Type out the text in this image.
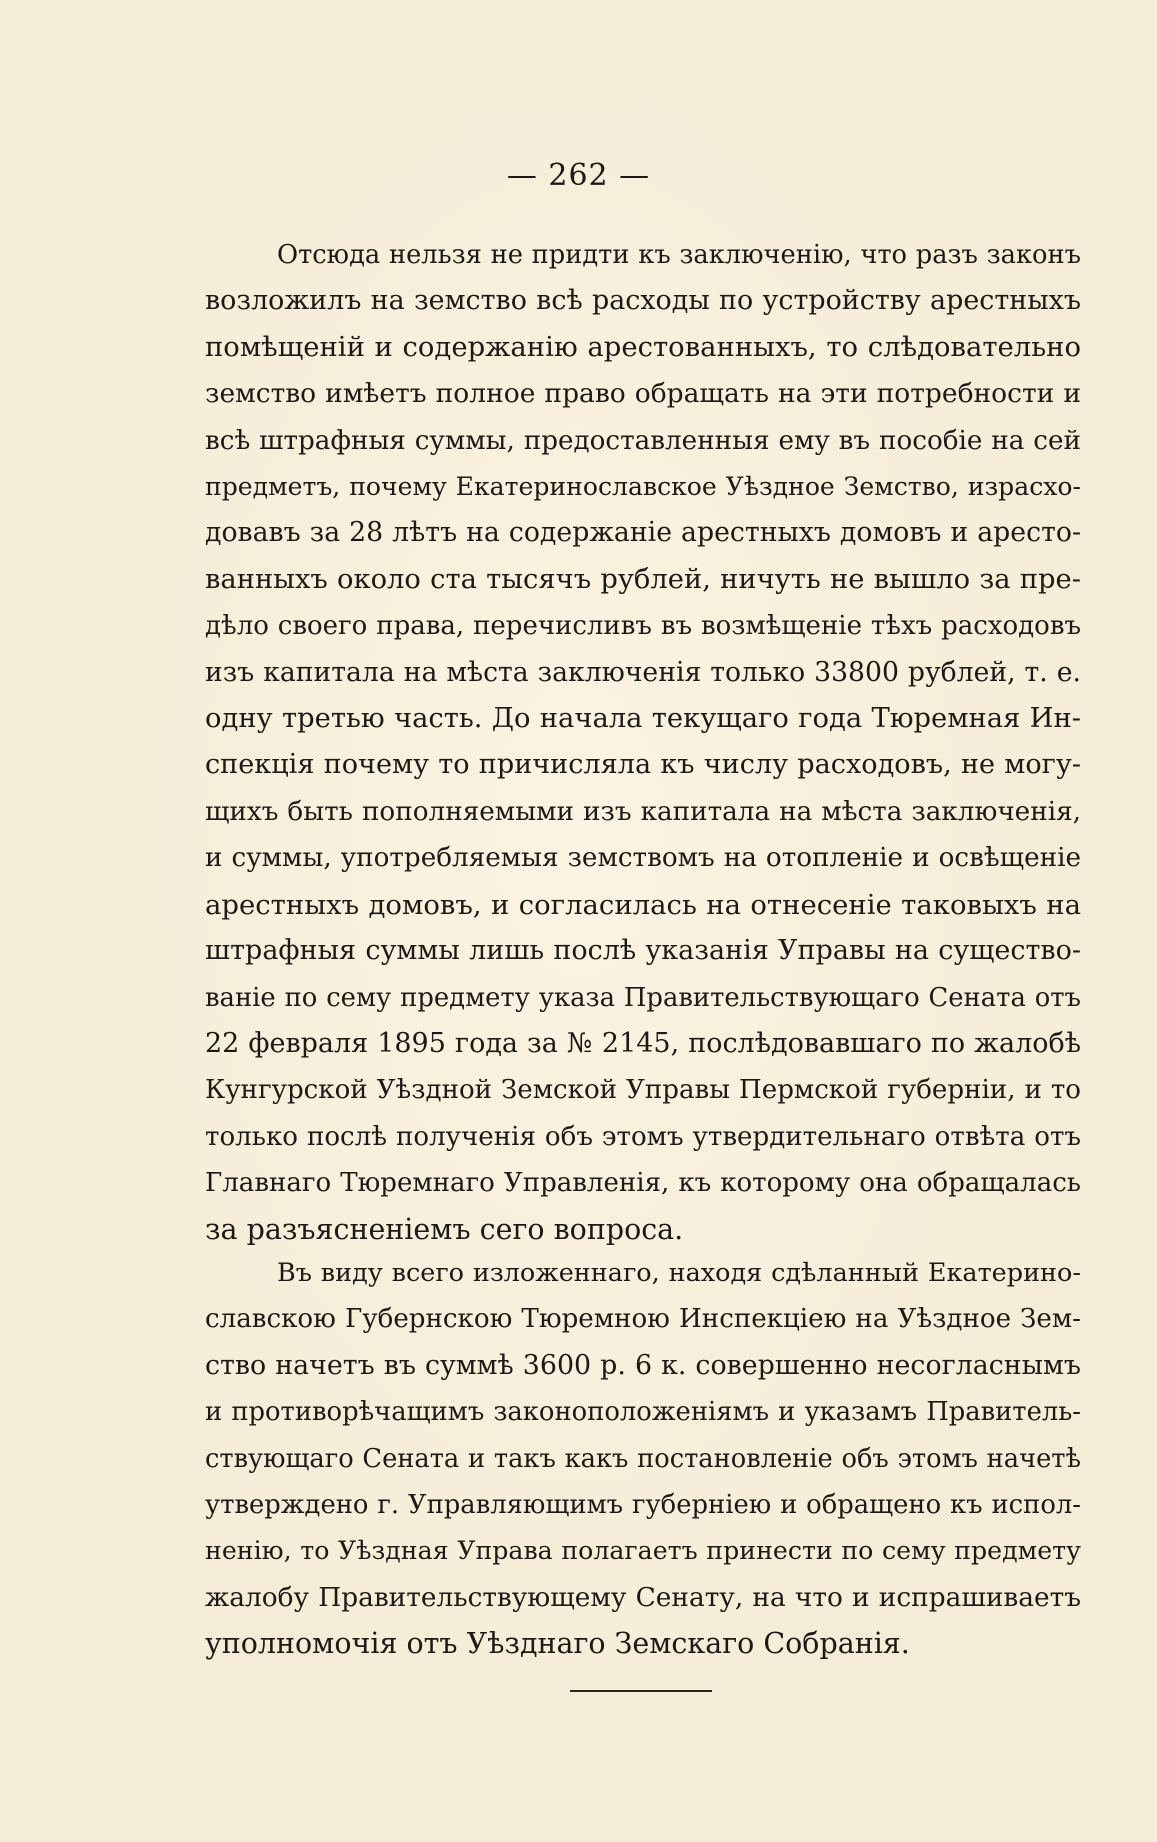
— 262 —
Отсюда нельзя не придти къ заключенію, что разъ законъ
возложилъ на земство всѣ расходы по устройству арестныхъ
помѣщеній и содержанію арестованныхъ, то слѣдовательно
земство имѣетъ полное право обращать на эти потребности и
всѣ штрафныя суммы, предоставленныя ему въ пособіе на сей
предметъ, почему Екатеринославское Уѣздное Земство, израсхо-
довавъ за 28 лѣтъ на содержаніе арестныхъ домовъ и аресто-
ванныхъ около ста тысячъ рублей, ничуть не вышло за пре-
дѣло своего права, перечисливъ въ возмѣщеніе тѣхъ расходовъ
изъ капитала на мѣста заключенія только 33800 рублей, т. е.
одну третью часть. До начала текущаго года Тюремная Ин-
спекція почему то причисляла къ числу расходовъ, не могу-
щихъ быть пополняемыми изъ капитала на мѣста заключенія,
и суммы, употребляемыя земствомъ на отопленіе и освѣщеніе
арестныхъ домовъ, и согласилась на отнесеніе таковыхъ на
штрафныя суммы лишь послѣ указанія Управы на существо-
ваніе по сему предмету указа Правительствующаго Сената отъ
22 февраля 1895 года за № 2145, послѣдовавшаго по жалобѣ
Кунгурской Уѣздной Земской Управы Пермской губерніи, и то
только послѣ полученія объ этомъ утвердительнаго отвѣта отъ
Главнаго Тюремнаго Управленія, къ которому она обращалась
за разъясненіемъ сего вопроса.
Въ виду всего изложеннаго, находя сдѣланный Екатерино-
славскою Губернскою Тюремною Инспекціею на Уѣздное Зем-
ство начетъ въ суммѣ 3600 р. 6 к. совершенно несогласнымъ
и противорѣчащимъ законоположеніямъ и указамъ Правитель-
ствующаго Сената и такъ какъ постановленіе объ этомъ начетѣ
утверждено г. Управляющимъ губерніею и обращено къ испол-
ненію, то Уѣздная Управа полагаетъ принести по сему предмету
жалобу Правительствующему Сенату, на что и испрашиваетъ
уполномочія отъ Уѣзднаго Земскаго Собранія.
